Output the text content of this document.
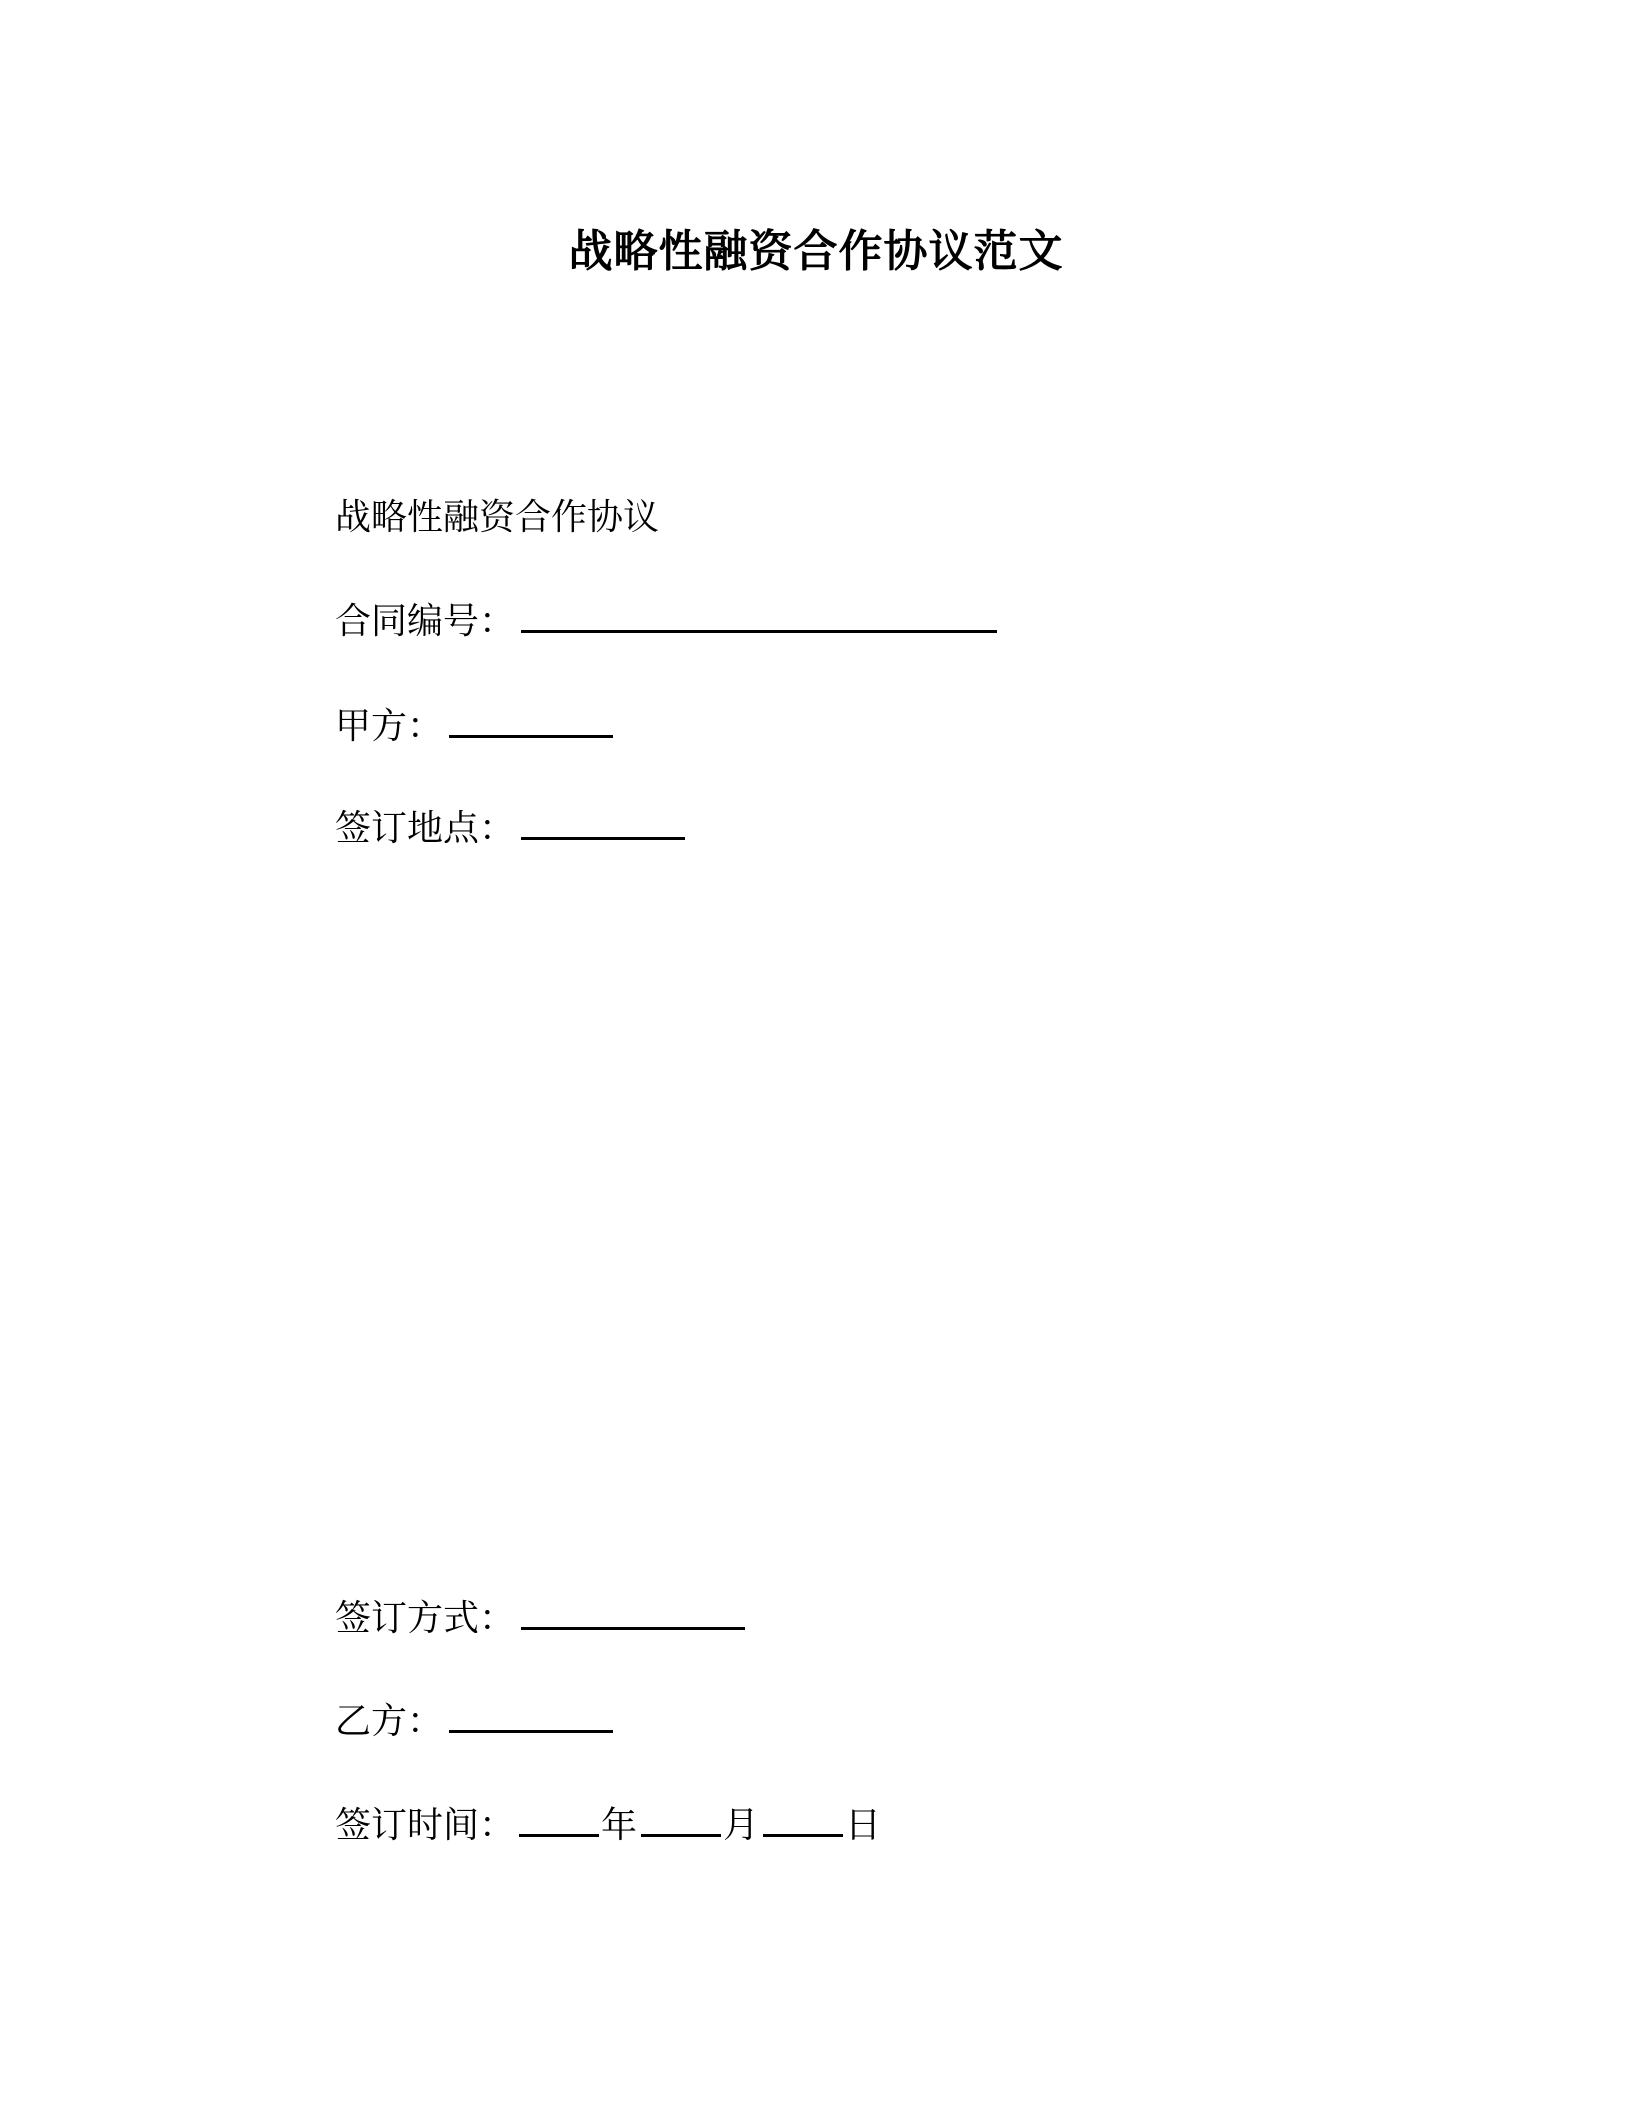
战略性融资合作协议范文
战略性融资合作协议
合同编号：
甲方：
签订地点：
签订方式：
乙方：
签订时间： 年 月 日
